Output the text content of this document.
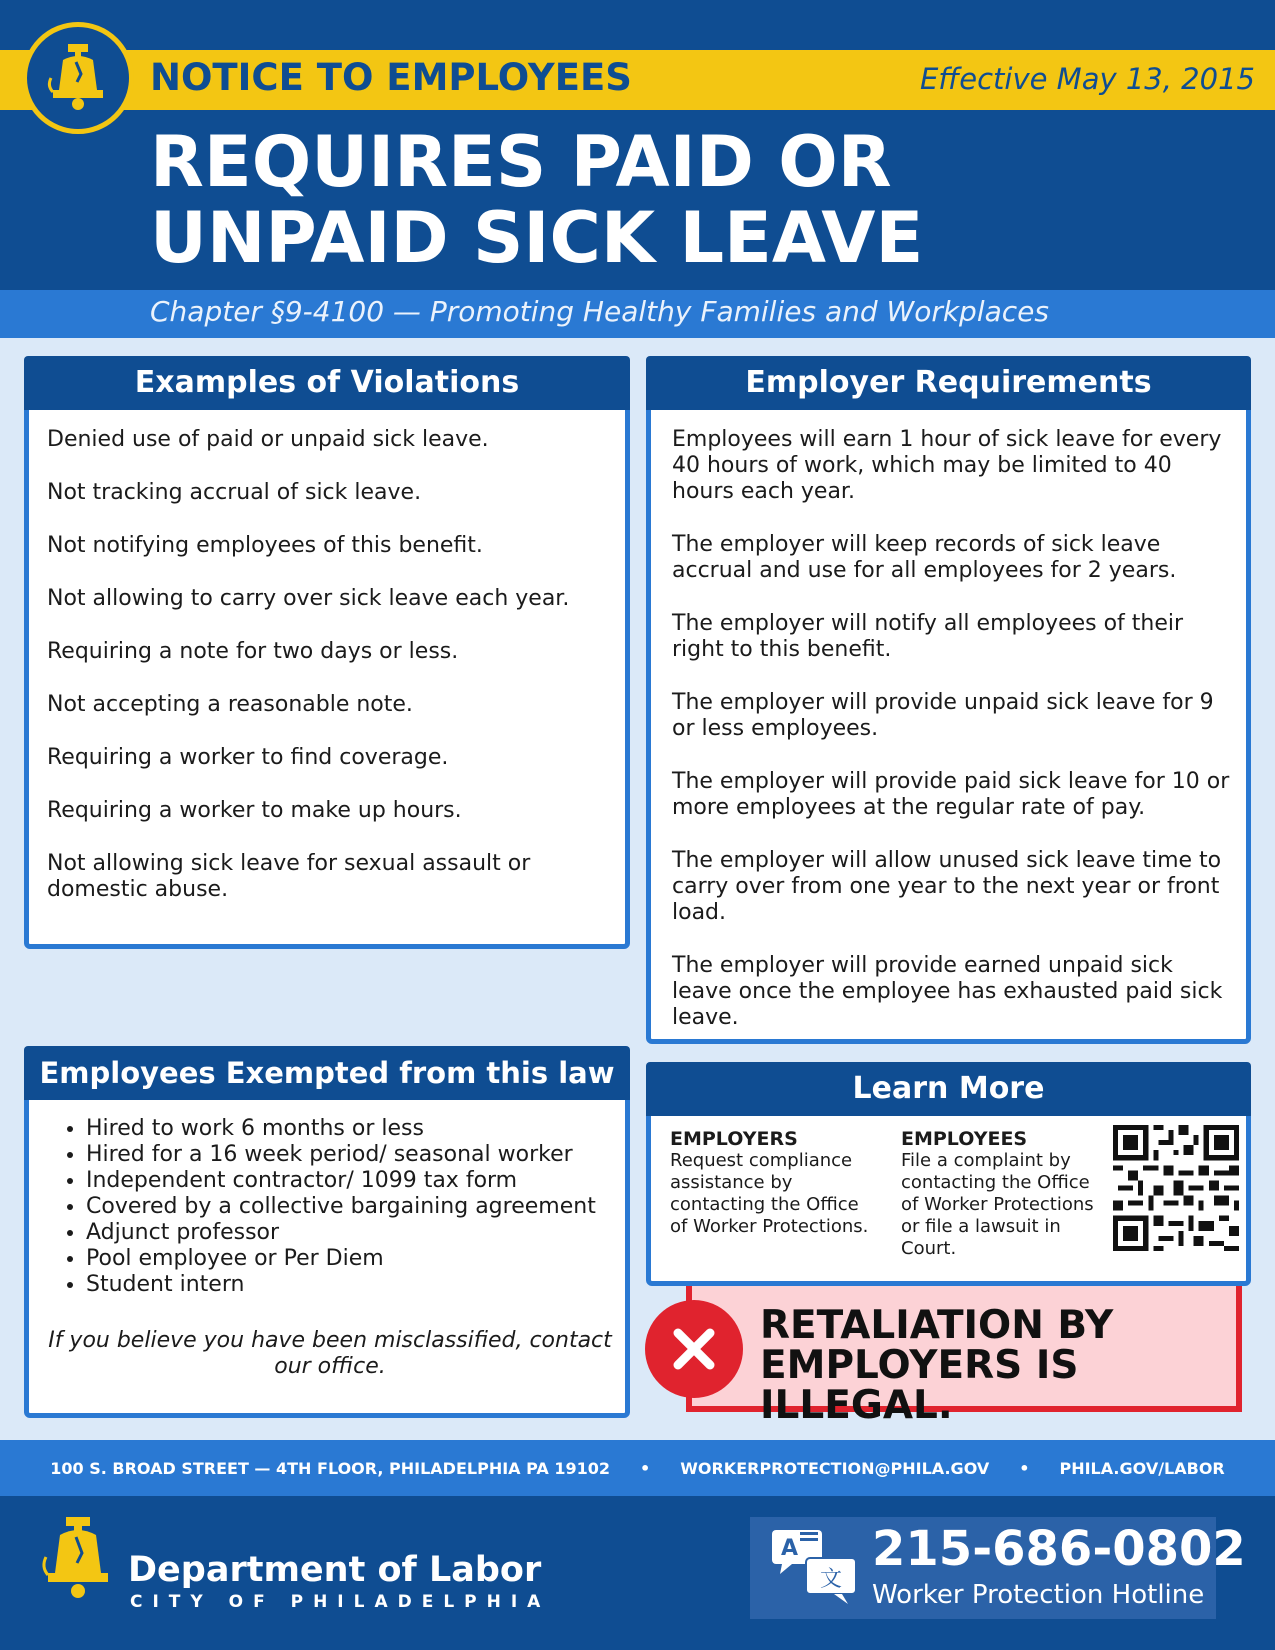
NOTICE TO EMPLOYEES	Effective May 13, 2015
REQUIRES PAID OR
UNPAID SICK LEAVE
Chapter §9-4100 — Promoting Healthy Families and Workplaces
Examples of Violations
Denied use of paid or unpaid sick leave.
Not tracking accrual of sick leave.
Not notifying employees of this benefit.
Not allowing to carry over sick leave each year.
Requiring a note for two days or less.
Not accepting a reasonable note.
Requiring a worker to find coverage.
Requiring a worker to make up hours.
Not allowing sick leave for sexual assault or domestic abuse.
Employer Requirements
Employees will earn 1 hour of sick leave for every 40 hours of work, which may be limited to 40 hours each year.
The employer will keep records of sick leave accrual and use for all employees for 2 years.
The employer will notify all employees of their right to this benefit.
The employer will provide unpaid sick leave for 9 or less employees.
The employer will provide paid sick leave for 10 or more employees at the regular rate of pay.
The employer will allow unused sick leave time to carry over from one year to the next year or front load.
The employer will provide earned unpaid sick leave once the employee has exhausted paid sick leave.
Employees Exempted from this law
• Hired to work 6 months or less
• Hired for a 16 week period/ seasonal worker
• Independent contractor/ 1099 tax form
• Covered by a collective bargaining agreement
• Adjunct professor
• Pool employee or Per Diem
• Student intern
If you believe you have been misclassified, contact our office.
Learn More
EMPLOYERS
Request compliance assistance by contacting the Office of Worker Protections.
EMPLOYEES
File a complaint by contacting the Office of Worker Protections or file a lawsuit in Court.
RETALIATION BY
EMPLOYERS IS ILLEGAL.
100 S. BROAD STREET — 4TH FLOOR, PHILADELPHIA PA 19102 • WORKERPROTECTION@PHILA.GOV • PHILA.GOV/LABOR
Department of Labor
CITY OF PHILADELPHIA
A
文
215-686-0802
Worker Protection Hotline
